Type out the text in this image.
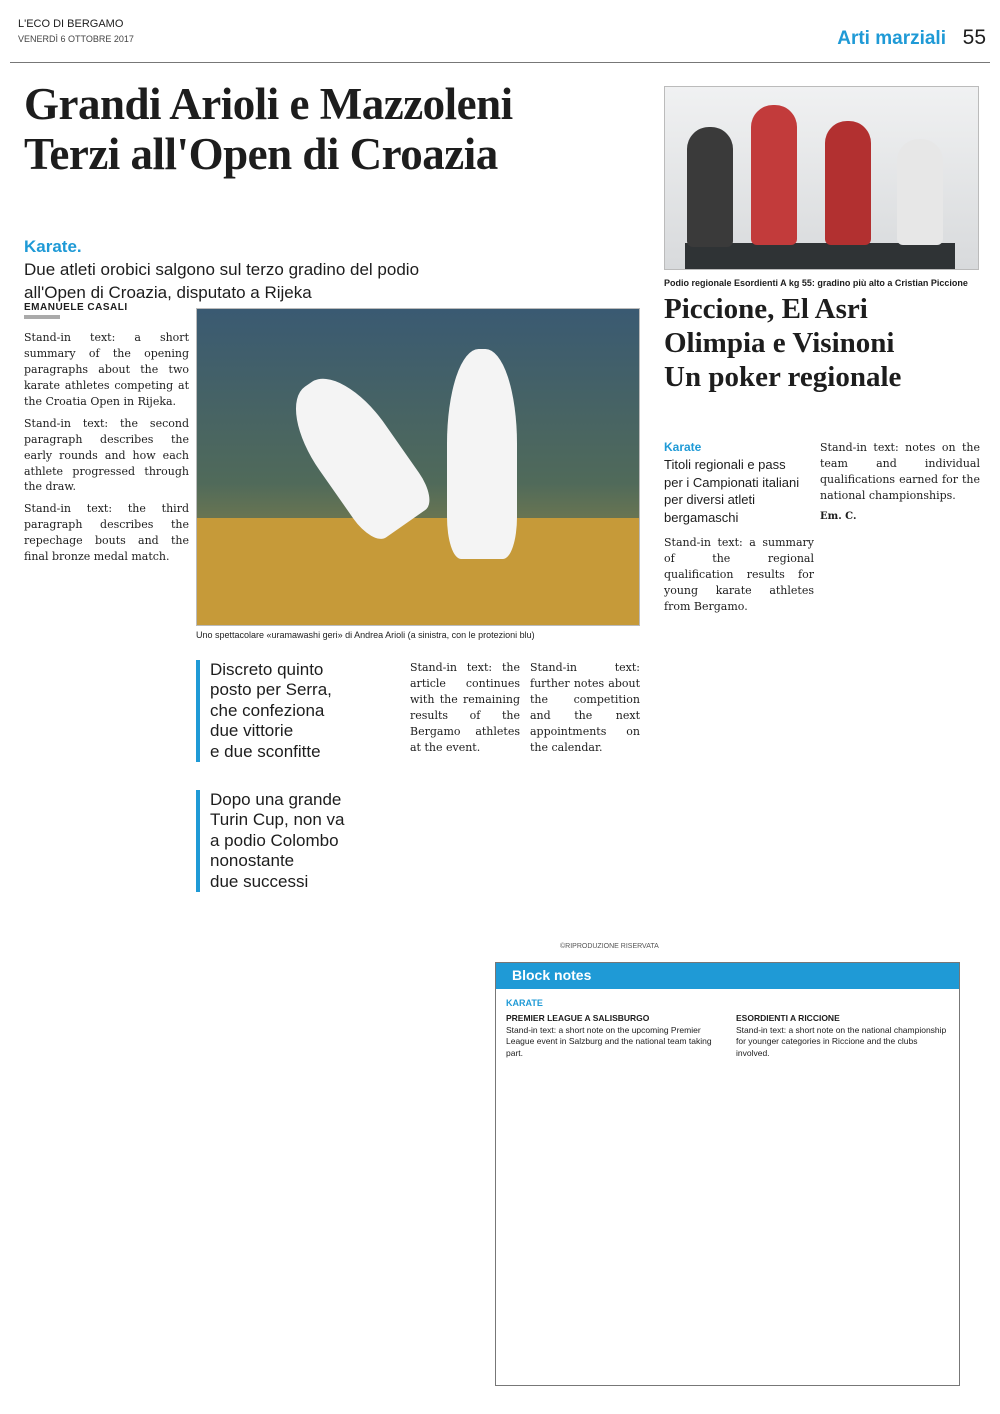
L'ECO DI BERGAMO
VENERDÌ 6 OTTOBRE 2017	Arti marziali 55
Grandi Arioli e Mazzoleni
Terzi all'Open di Croazia
Karate.
Due atleti orobici salgono sul terzo gradino del podio
all'Open di Croazia, disputato a Rijeka
EMANUELE CASALI

Stand-in text: a short summary of the opening paragraphs about the two karate athletes competing at the Croatia Open in Rijeka.

Stand-in text: the second paragraph describes the early rounds and how each athlete progressed through the draw.

Stand-in text: the third paragraph describes the repechage bouts and the final bronze medal match.

Uno spettacolare «uramawashi geri» di Andrea Arioli (a sinistra, con le protezioni blu)
Discreto quinto
posto per Serra,
che confeziona
due vittorie
e due sconfitte
Dopo una grande
Turin Cup, non va
a podio Colombo
nonostante
due successi

Stand-in text: the article continues with the remaining results of the Bergamo athletes at the event.

Stand-in text: further notes about the competition and the next appointments on the calendar.

©RIPRODUZIONE RISERVATA
Podio regionale Esordienti A kg 55: gradino più alto a Cristian Piccione
Piccione, El Asri
Olimpia e Visinoni
Un poker regionale
Karate
Titoli regionali e pass
per i Campionati italiani
per diversi atleti
bergamaschi

Stand-in text: a summary of the regional qualification results for young karate athletes from Bergamo.

Stand-in text: notes on the team and individual qualifications earned for the national championships.

Em. C.

Block notes
KARATE
PREMIER LEAGUE A SALISBURGO

Stand-in text: a short note on the upcoming Premier League event in Salzburg and the national team taking part.

ESORDIENTI A RICCIONE

Stand-in text: a short note on the national championship for younger categories in Riccione and the clubs involved.
